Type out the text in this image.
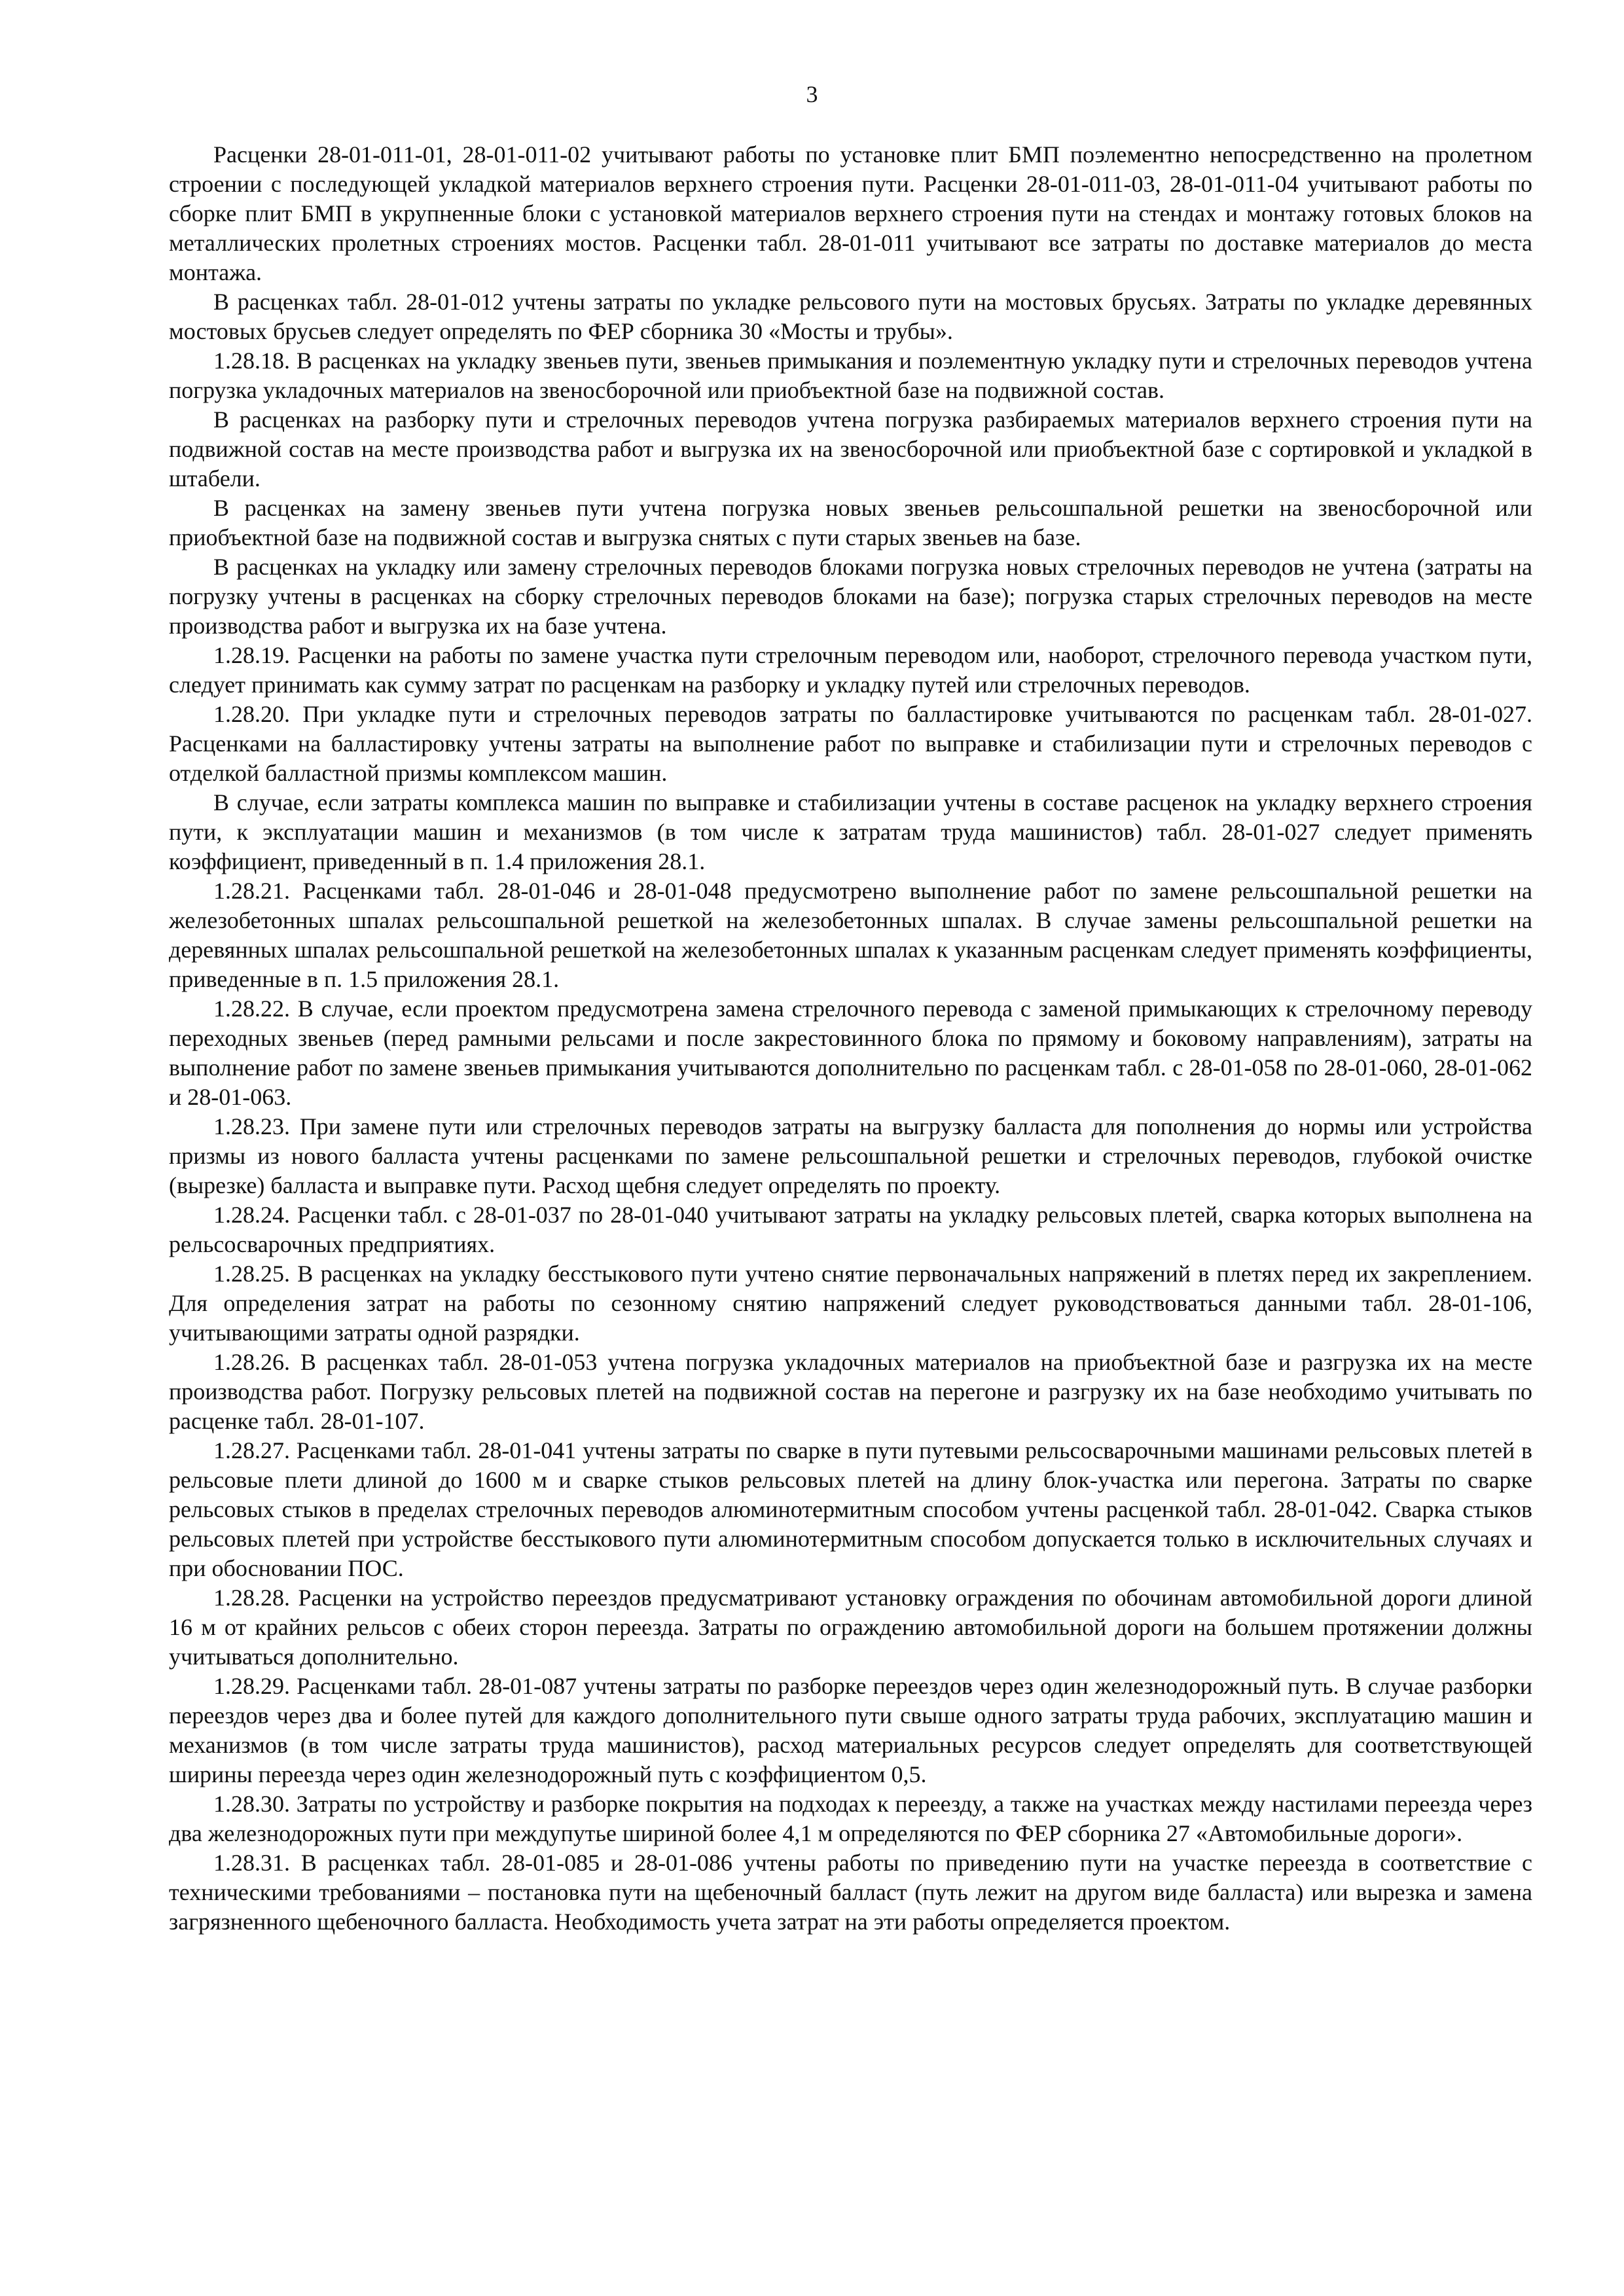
3

Расценки 28-01-011-01, 28-01-011-02 учитывают работы по установке плит БМП поэлементно непосредственно на пролетном строении с последующей укладкой материалов верхнего строения пути. Расценки 28-01-011-03, 28-01-011-04 учитывают работы по сборке плит БМП в укрупненные блоки с установкой материалов верхнего строения пути на стендах и монтажу готовых блоков на металлических пролетных строениях мостов. Расценки табл. 28-01-011 учитывают все затраты по доставке материалов до места монтажа.

В расценках табл. 28-01-012 учтены затраты по укладке рельсового пути на мостовых брусьях. Затраты по укладке деревянных мостовых брусьев следует определять по ФЕР сборника 30 «Мосты и трубы».

1.28.18. В расценках на укладку звеньев пути, звеньев примыкания и поэлементную укладку пути и стрелочных переводов учтена погрузка укладочных материалов на звеносборочной или приобъектной базе на подвижной состав.

В расценках на разборку пути и стрелочных переводов учтена погрузка разбираемых материалов верхнего строения пути на подвижной состав на месте производства работ и выгрузка их на звеносборочной или приобъектной базе с сортировкой и укладкой в штабели.

В расценках на замену звеньев пути учтена погрузка новых звеньев рельсошпальной решетки на звеносборочной или приобъектной базе на подвижной состав и выгрузка снятых с пути старых звеньев на базе.

В расценках на укладку или замену стрелочных переводов блоками погрузка новых стрелочных переводов не учтена (затраты на погрузку учтены в расценках на сборку стрелочных переводов блоками на базе); погрузка старых стрелочных переводов на месте производства работ и выгрузка их на базе учтена.

1.28.19. Расценки на работы по замене участка пути стрелочным переводом или, наоборот, стрелочного перевода участком пути, следует принимать как сумму затрат по расценкам на разборку и укладку путей или стрелочных переводов.

1.28.20. При укладке пути и стрелочных переводов затраты по балластировке учитываются по расценкам табл. 28-01-027. Расценками на балластировку учтены затраты на выполнение работ по выправке и стабилизации пути и стрелочных переводов с отделкой балластной призмы комплексом машин.

В случае, если затраты комплекса машин по выправке и стабилизации учтены в составе расценок на укладку верхнего строения пути, к эксплуатации машин и механизмов (в том числе к затратам труда машинистов) табл. 28-01-027 следует применять коэффициент, приведенный в п. 1.4 приложения 28.1.

1.28.21. Расценками табл. 28-01-046 и 28-01-048 предусмотрено выполнение работ по замене рельсошпальной решетки на железобетонных шпалах рельсошпальной решеткой на железобетонных шпалах. В случае замены рельсошпальной решетки на деревянных шпалах рельсошпальной решеткой на железобетонных шпалах к указанным расценкам следует применять коэффициенты, приведенные в п. 1.5 приложения 28.1.

1.28.22. В случае, если проектом предусмотрена замена стрелочного перевода с заменой примыкающих к стрелочному переводу переходных звеньев (перед рамными рельсами и после закрестовинного блока по прямому и боковому направлениям), затраты на выполнение работ по замене звеньев примыкания учитываются дополнительно по расценкам табл. с 28-01-058 по 28-01-060, 28-01-062 и 28-01-063.

1.28.23. При замене пути или стрелочных переводов затраты на выгрузку балласта для пополнения до нормы или устройства призмы из нового балласта учтены расценками по замене рельсошпальной решетки и стрелочных переводов, глубокой очистке (вырезке) балласта и выправке пути. Расход щебня следует определять по проекту.

1.28.24. Расценки табл. с 28-01-037 по 28-01-040 учитывают затраты на укладку рельсовых плетей, сварка которых выполнена на рельсосварочных предприятиях.

1.28.25. В расценках на укладку бесстыкового пути учтено снятие первоначальных напряжений в плетях перед их закреплением. Для определения затрат на работы по сезонному снятию напряжений следует руководствоваться данными табл. 28-01-106, учитывающими затраты одной разрядки.

1.28.26. В расценках табл. 28-01-053 учтена погрузка укладочных материалов на приобъектной базе и разгрузка их на месте производства работ. Погрузку рельсовых плетей на подвижной состав на перегоне и разгрузку их на базе необходимо учитывать по расценке табл. 28-01-107.

1.28.27. Расценками табл. 28-01-041 учтены затраты по сварке в пути путевыми рельсосварочными машинами рельсовых плетей в рельсовые плети длиной до 1600 м и сварке стыков рельсовых плетей на длину блок-участка или перегона. Затраты по сварке рельсовых стыков в пределах стрелочных переводов алюминотермитным способом учтены расценкой табл. 28-01-042. Сварка стыков рельсовых плетей при устройстве бесстыкового пути алюминотермитным способом допускается только в исключительных случаях и при обосновании ПОС.

1.28.28. Расценки на устройство переездов предусматривают установку ограждения по обочинам автомобильной дороги длиной 16 м от крайних рельсов с обеих сторон переезда. Затраты по ограждению автомобильной дороги на большем протяжении должны учитываться дополнительно.

1.28.29. Расценками табл. 28-01-087 учтены затраты по разборке переездов через один железнодорожный путь. В случае разборки переездов через два и более путей для каждого дополнительного пути свыше одного затраты труда рабочих, эксплуатацию машин и механизмов (в том числе затраты труда машинистов), расход материальных ресурсов следует определять для соответствующей ширины переезда через один железнодорожный путь с коэффициентом 0,5.

1.28.30. Затраты по устройству и разборке покрытия на подходах к переезду, а также на участках между настилами переезда через два железнодорожных пути при междупутье шириной более 4,1 м определяются по ФЕР сборника 27 «Автомобильные дороги».

1.28.31. В расценках табл. 28-01-085 и 28-01-086 учтены работы по приведению пути на участке переезда в соответствие с техническими требованиями – постановка пути на щебеночный балласт (путь лежит на другом виде балласта) или вырезка и замена загрязненного щебеночного балласта. Необходимость учета затрат на эти работы определяется проектом.
